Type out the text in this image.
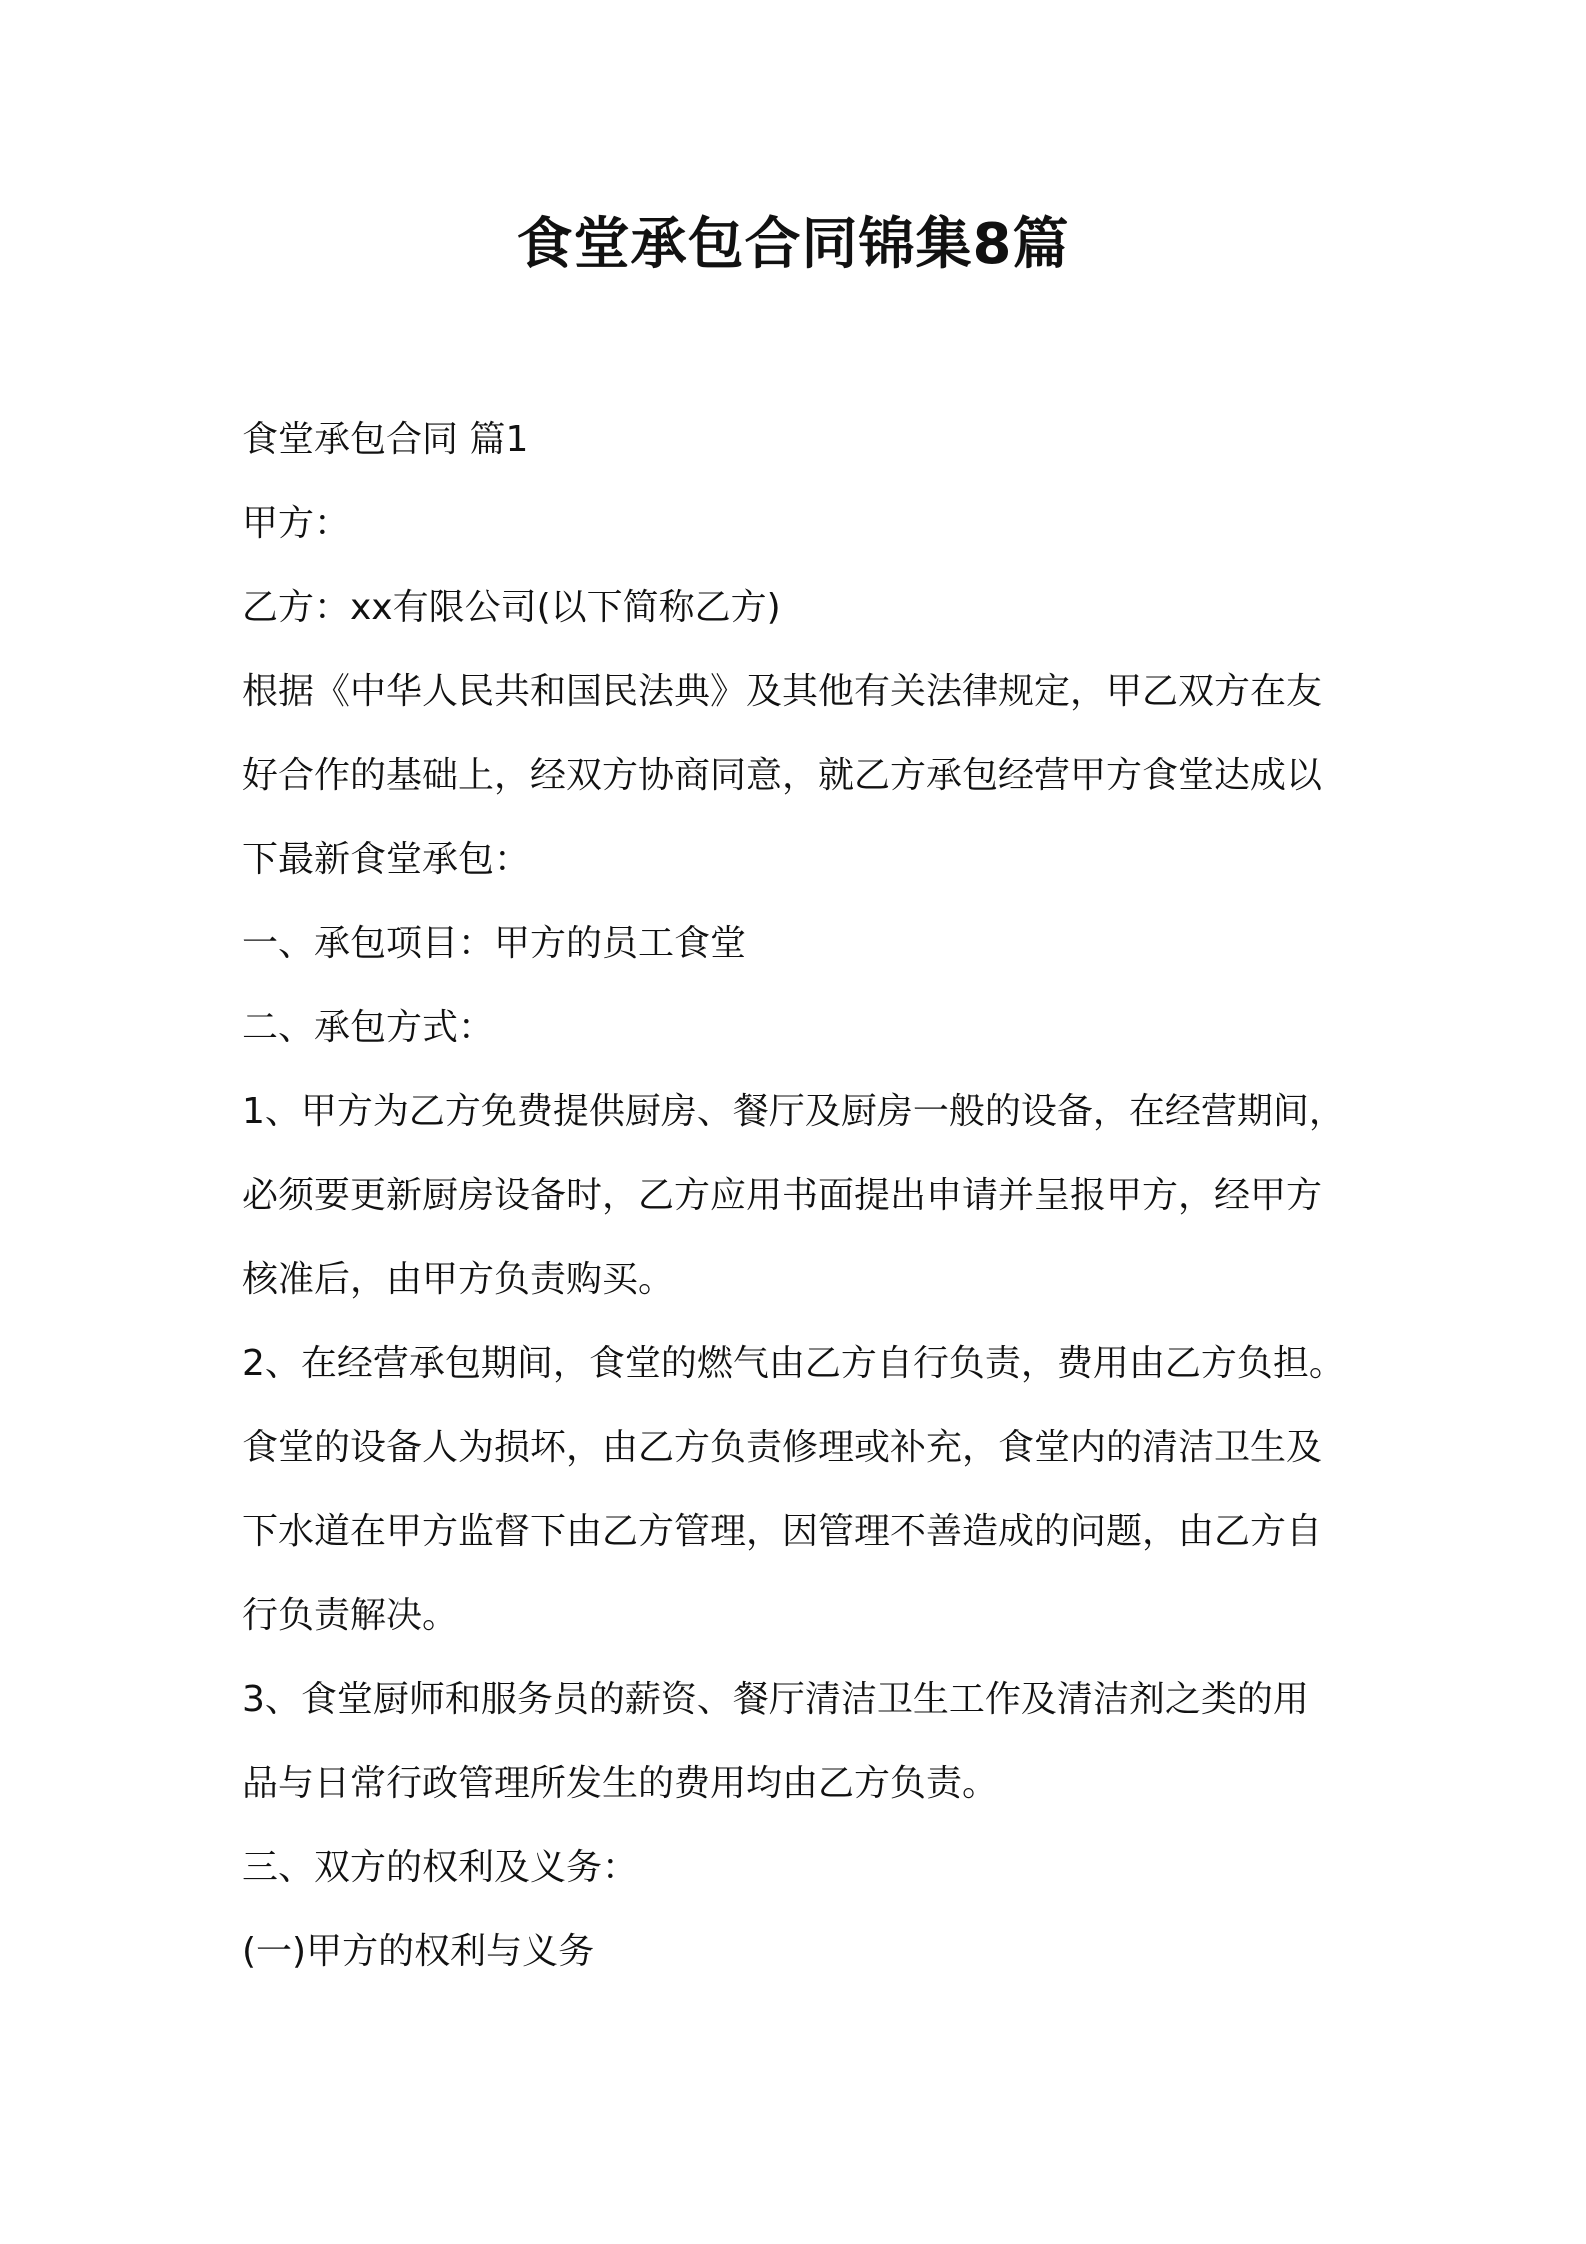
食堂承包合同锦集8篇

食堂承包合同 篇1

甲方：

乙方：xx有限公司(以下简称乙方)

根据《中华人民共和国民法典》及其他有关法律规定，甲乙双方在友

好合作的基础上，经双方协商同意，就乙方承包经营甲方食堂达成以

下最新食堂承包：

一、承包项目：甲方的员工食堂

二、承包方式：

1、甲方为乙方免费提供厨房、餐厅及厨房一般的设备，在经营期间，

必须要更新厨房设备时，乙方应用书面提出申请并呈报甲方，经甲方

核准后，由甲方负责购买。

2、在经营承包期间，食堂的燃气由乙方自行负责，费用由乙方负担。

食堂的设备人为损坏，由乙方负责修理或补充，食堂内的清洁卫生及

下水道在甲方监督下由乙方管理，因管理不善造成的问题，由乙方自

行负责解决。

3、食堂厨师和服务员的薪资、餐厅清洁卫生工作及清洁剂之类的用

品与日常行政管理所发生的费用均由乙方负责。

三、双方的权利及义务：

(一)甲方的权利与义务
